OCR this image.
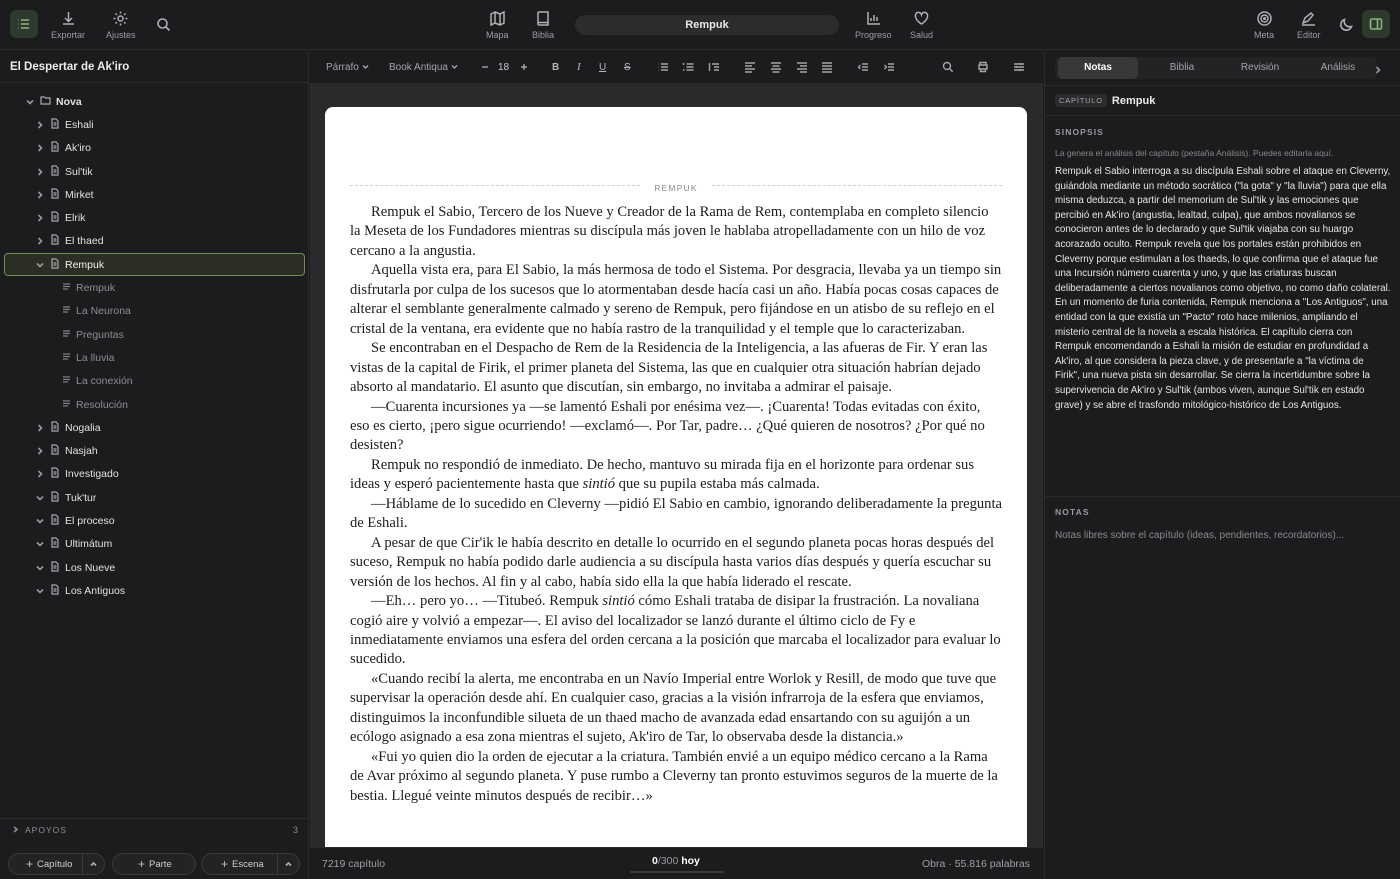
Exportar Ajustes	Mapa	Biblia
Rempuk
Progreso Salud	Meta	Editor
El Despertar de Ak'iro
Nova
Eshali
Ak'iro
Sul'tik
Mirket
Elrik
El thaed
Rempuk
Rempuk
La Neurona
Preguntas
La lluvia
La conexión
Resolución
Nogalia
Nasjah
Investigado
Tuk'tur
El proceso
Ultimátum
Los Nueve
Los Antiguos
APOYOS	3
+ Capítulo	+ Parte	+ Escena
Párrafo	Book Antiqua	18	B I U S
REMPUK

Rempuk el Sabio, Tercero de los Nueve y Creador de la Rama de Rem, contemplaba en completo silencio la Meseta de los Fundadores mientras su discípula más joven le hablaba atropelladamente con un hilo de voz cercano a la angustia.

Aquella vista era, para El Sabio, la más hermosa de todo el Sistema. Por desgracia, llevaba ya un tiempo sin disfrutarla por culpa de los sucesos que lo atormentaban desde hacía casi un año. Había pocas cosas capaces de alterar el semblante generalmente calmado y sereno de Rempuk, pero fijándose en un atisbo de su reflejo en el cristal de la ventana, era evidente que no había rastro de la tranquilidad y el temple que lo caracterizaban.

Se encontraban en el Despacho de Rem de la Residencia de la Inteligencia, a las afueras de Fir. Y eran las vistas de la capital de Firik, el primer planeta del Sistema, las que en cualquier otra situación habrían dejado absorto al mandatario. El asunto que discutían, sin embargo, no invitaba a admirar el paisaje.

—Cuarenta incursiones ya —se lamentó Eshali por enésima vez—. ¡Cuarenta! Todas evitadas con éxito, eso es cierto, ¡pero sigue ocurriendo! —exclamó—. Por Tar, padre… ¿Qué quieren de nosotros? ¿Por qué no desisten?

Rempuk no respondió de inmediato. De hecho, mantuvo su mirada fija en el horizonte para ordenar sus ideas y esperó pacientemente hasta que sintió que su pupila estaba más calmada.

—Háblame de lo sucedido en Cleverny —pidió El Sabio en cambio, ignorando deliberadamente la pregunta de Eshali.

A pesar de que Cir'ik le había descrito en detalle lo ocurrido en el segundo planeta pocas horas después del suceso, Rempuk no había podido darle audiencia a su discípula hasta varios días después y quería escuchar su versión de los hechos. Al fin y al cabo, había sido ella la que había liderado el rescate.

—Eh… pero yo… —Titubeó. Rempuk sintió cómo Eshali trataba de disipar la frustración. La novaliana cogió aire y volvió a empezar—. El aviso del localizador se lanzó durante el último ciclo de Fy e inmediatamente enviamos una esfera del orden cercana a la posición que marcaba el localizador para evaluar lo sucedido.

«Cuando recibí la alerta, me encontraba en un Navío Imperial entre Worlok y Resill, de modo que tuve que supervisar la operación desde ahí. En cualquier caso, gracias a la visión infrarroja de la esfera que enviamos, distinguimos la inconfundible silueta de un thaed macho de avanzada edad ensartando con su aguijón a un ecólogo asignado a esa zona mientras el sujeto, Ak'iro de Tar, lo observaba desde la distancia.»

«Fui yo quien dio la orden de ejecutar a la criatura. También envié a un equipo médico cercano a la Rama de Avar próximo al segundo planeta. Y puse rumbo a Cleverny tan pronto estuvimos seguros de la muerte de la bestia. Llegué veinte minutos después de recibir…»

7219 capítulo	0/300 hoy	Obra · 55.816 palabras
Notas	Biblia	Revisión	Análisis
CAPÍTULO Rempuk
SINOPSIS
La genera el análisis del capítulo (pestaña Análisis). Puedes editarla aquí.
Rempuk el Sabio interroga a su discípula Eshali sobre el ataque en Cleverny, guiándola mediante un método socrático ("la gota" y "la lluvia") para que ella misma deduzca, a partir del memorium de Sul'tik y las emociones que percibió en Ak'iro (angustia, lealtad, culpa), que ambos novalianos se conocieron antes de lo declarado y que Sul'tik viajaba con su huargo acorazado oculto. Rempuk revela que los portales están prohibidos en Cleverny porque estimulan a los thaeds, lo que confirma que el ataque fue una Incursión número cuarenta y uno, y que las criaturas buscan deliberadamente a ciertos novalianos como objetivo, no como daño colateral. En un momento de furia contenida, Rempuk menciona a "Los Antiguos", una entidad con la que existía un "Pacto" roto hace milenios, ampliando el misterio central de la novela a escala histórica. El capítulo cierra con Rempuk encomendando a Eshali la misión de estudiar en profundidad a Ak'iro, al que considera la pieza clave, y de presentarle a "la víctima de Firik", una nueva pista sin desarrollar. Se cierra la incertidumbre sobre la supervivencia de Ak'iro y Sul'tik (ambos viven, aunque Sul'tik en estado grave) y se abre el trasfondo mitológico-histórico de Los Antiguos.
NOTAS
Notas libres sobre el capítulo (ideas, pendientes, recordatorios)...
